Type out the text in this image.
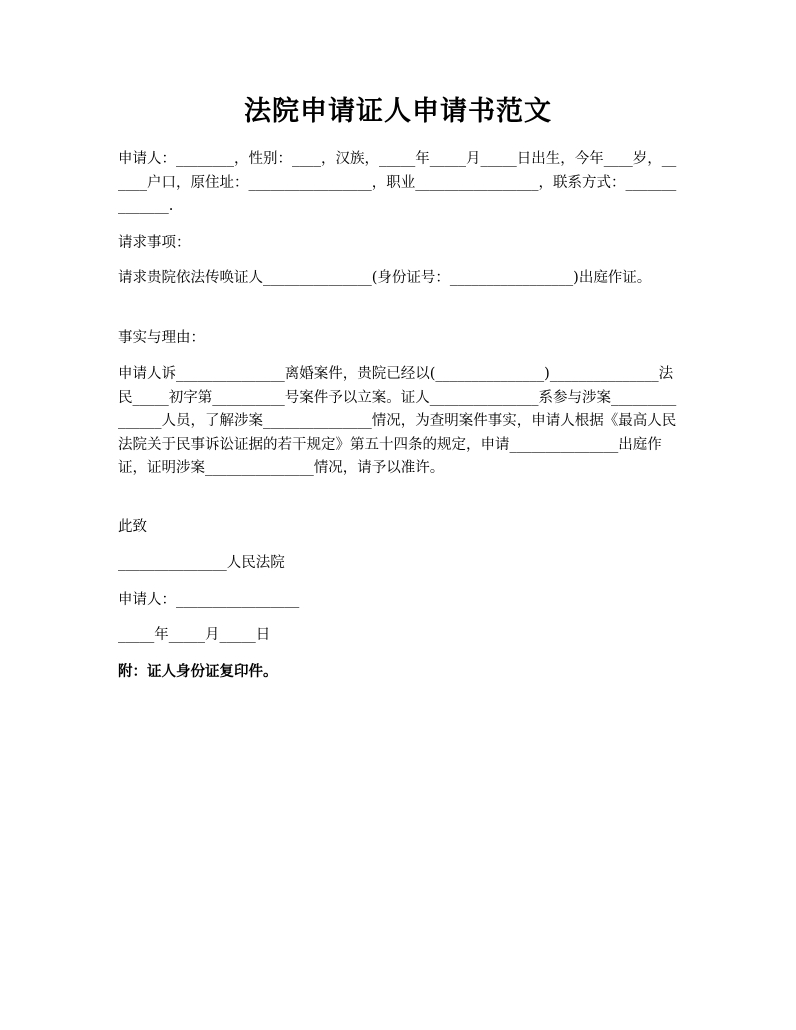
法院申请证人申请书范文
申请人：________，性别：____，汉族，_____年_____月_____日出生，今年____岁，______户口，原住址：_________________，职业_________________，联系方式：______________.
请求事项：
请求贵院依法传唤证人_______________(身份证号：_________________)出庭作证。
事实与理由：
申请人诉_______________离婚案件，贵院已经以(_______________)_______________法民_____初字第__________号案件予以立案。证人_______________系参与涉案_______________人员，了解涉案_______________情况，为查明案件事实，申请人根据《最高人民法院关于民事诉讼证据的若干规定》第五十四条的规定，申请_______________出庭作证，证明涉案_______________情况，请予以准许。
此致
_______________人民法院
申请人：_________________
_____年_____月_____日
附：证人身份证复印件。
